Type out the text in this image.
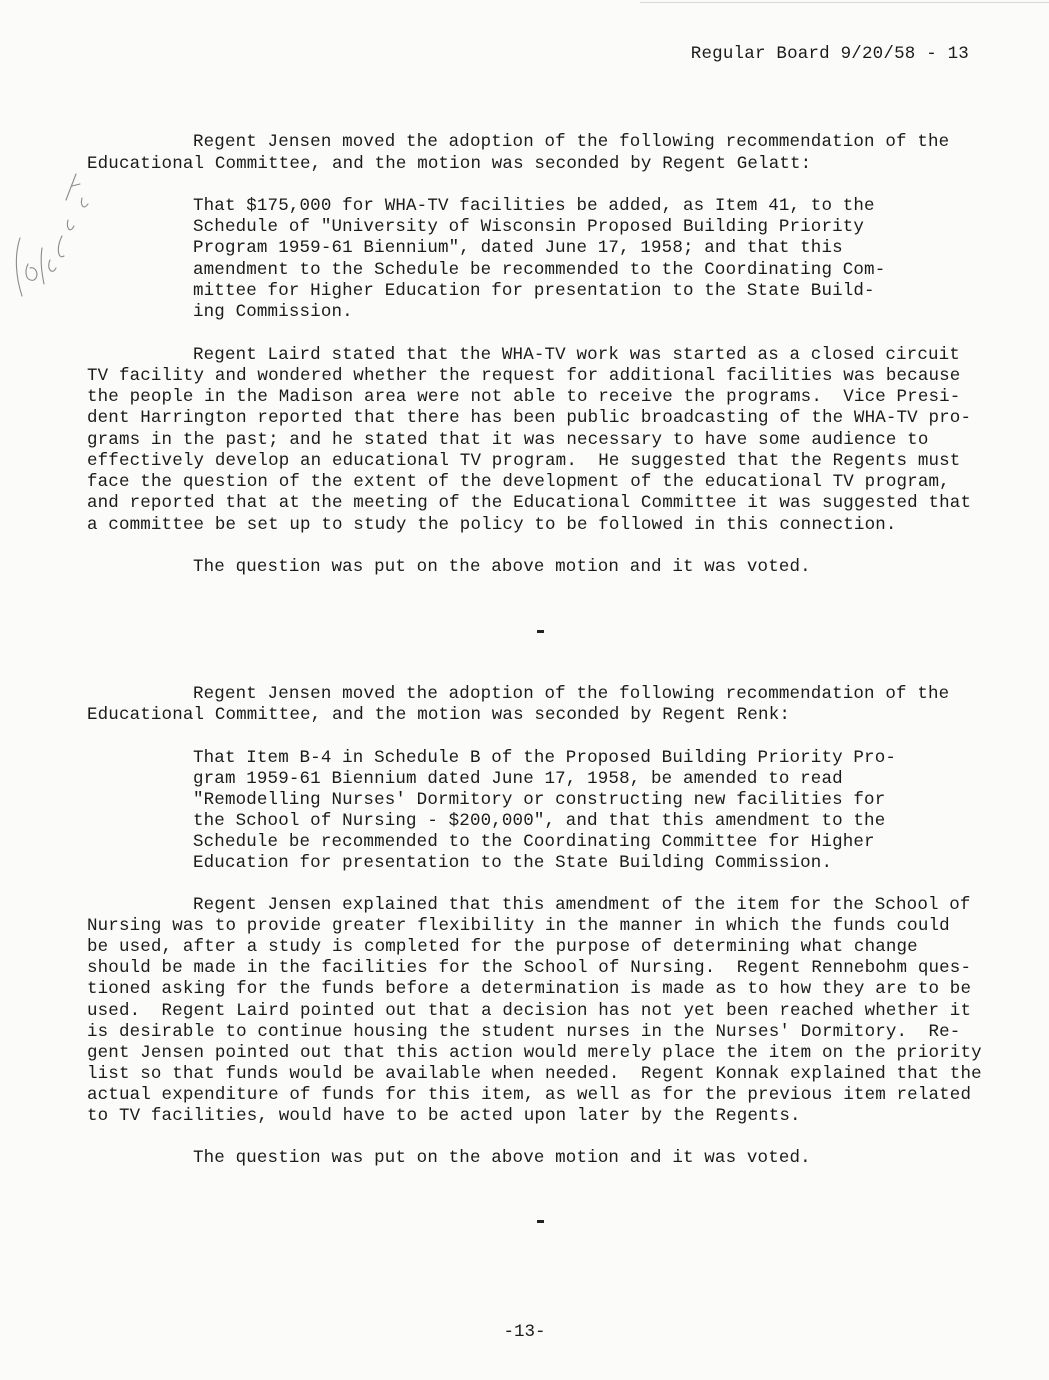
Regular Board 9/20/58 - 13
Regent Jensen moved the adoption of the following recommendation of the
Educational Committee, and the motion was seconded by Regent Gelatt:
That $175,000 for WHA-TV facilities be added, as Item 41, to the
Schedule of "University of Wisconsin Proposed Building Priority
Program 1959-61 Biennium", dated June 17, 1958; and that this
amendment to the Schedule be recommended to the Coordinating Com-
mittee for Higher Education for presentation to the State Build-
ing Commission.
Regent Laird stated that the WHA-TV work was started as a closed circuit
TV facility and wondered whether the request for additional facilities was because
the people in the Madison area were not able to receive the programs.  Vice Presi-
dent Harrington reported that there has been public broadcasting of the WHA-TV pro-
grams in the past; and he stated that it was necessary to have some audience to
effectively develop an educational TV program.  He suggested that the Regents must
face the question of the extent of the development of the educational TV program,
and reported that at the meeting of the Educational Committee it was suggested that
a committee be set up to study the policy to be followed in this connection.
The question was put on the above motion and it was voted.
Regent Jensen moved the adoption of the following recommendation of the
Educational Committee, and the motion was seconded by Regent Renk:
That Item B-4 in Schedule B of the Proposed Building Priority Pro-
gram 1959-61 Biennium dated June 17, 1958, be amended to read
"Remodelling Nurses' Dormitory or constructing new facilities for
the School of Nursing - $200,000", and that this amendment to the
Schedule be recommended to the Coordinating Committee for Higher
Education for presentation to the State Building Commission.
Regent Jensen explained that this amendment of the item for the School of
Nursing was to provide greater flexibility in the manner in which the funds could
be used, after a study is completed for the purpose of determining what change
should be made in the facilities for the School of Nursing.  Regent Rennebohm ques-
tioned asking for the funds before a determination is made as to how they are to be
used.  Regent Laird pointed out that a decision has not yet been reached whether it
is desirable to continue housing the student nurses in the Nurses' Dormitory.  Re-
gent Jensen pointed out that this action would merely place the item on the priority
list so that funds would be available when needed.  Regent Konnak explained that the
actual expenditure of funds for this item, as well as for the previous item related
to TV facilities, would have to be acted upon later by the Regents.
The question was put on the above motion and it was voted.
-13-
